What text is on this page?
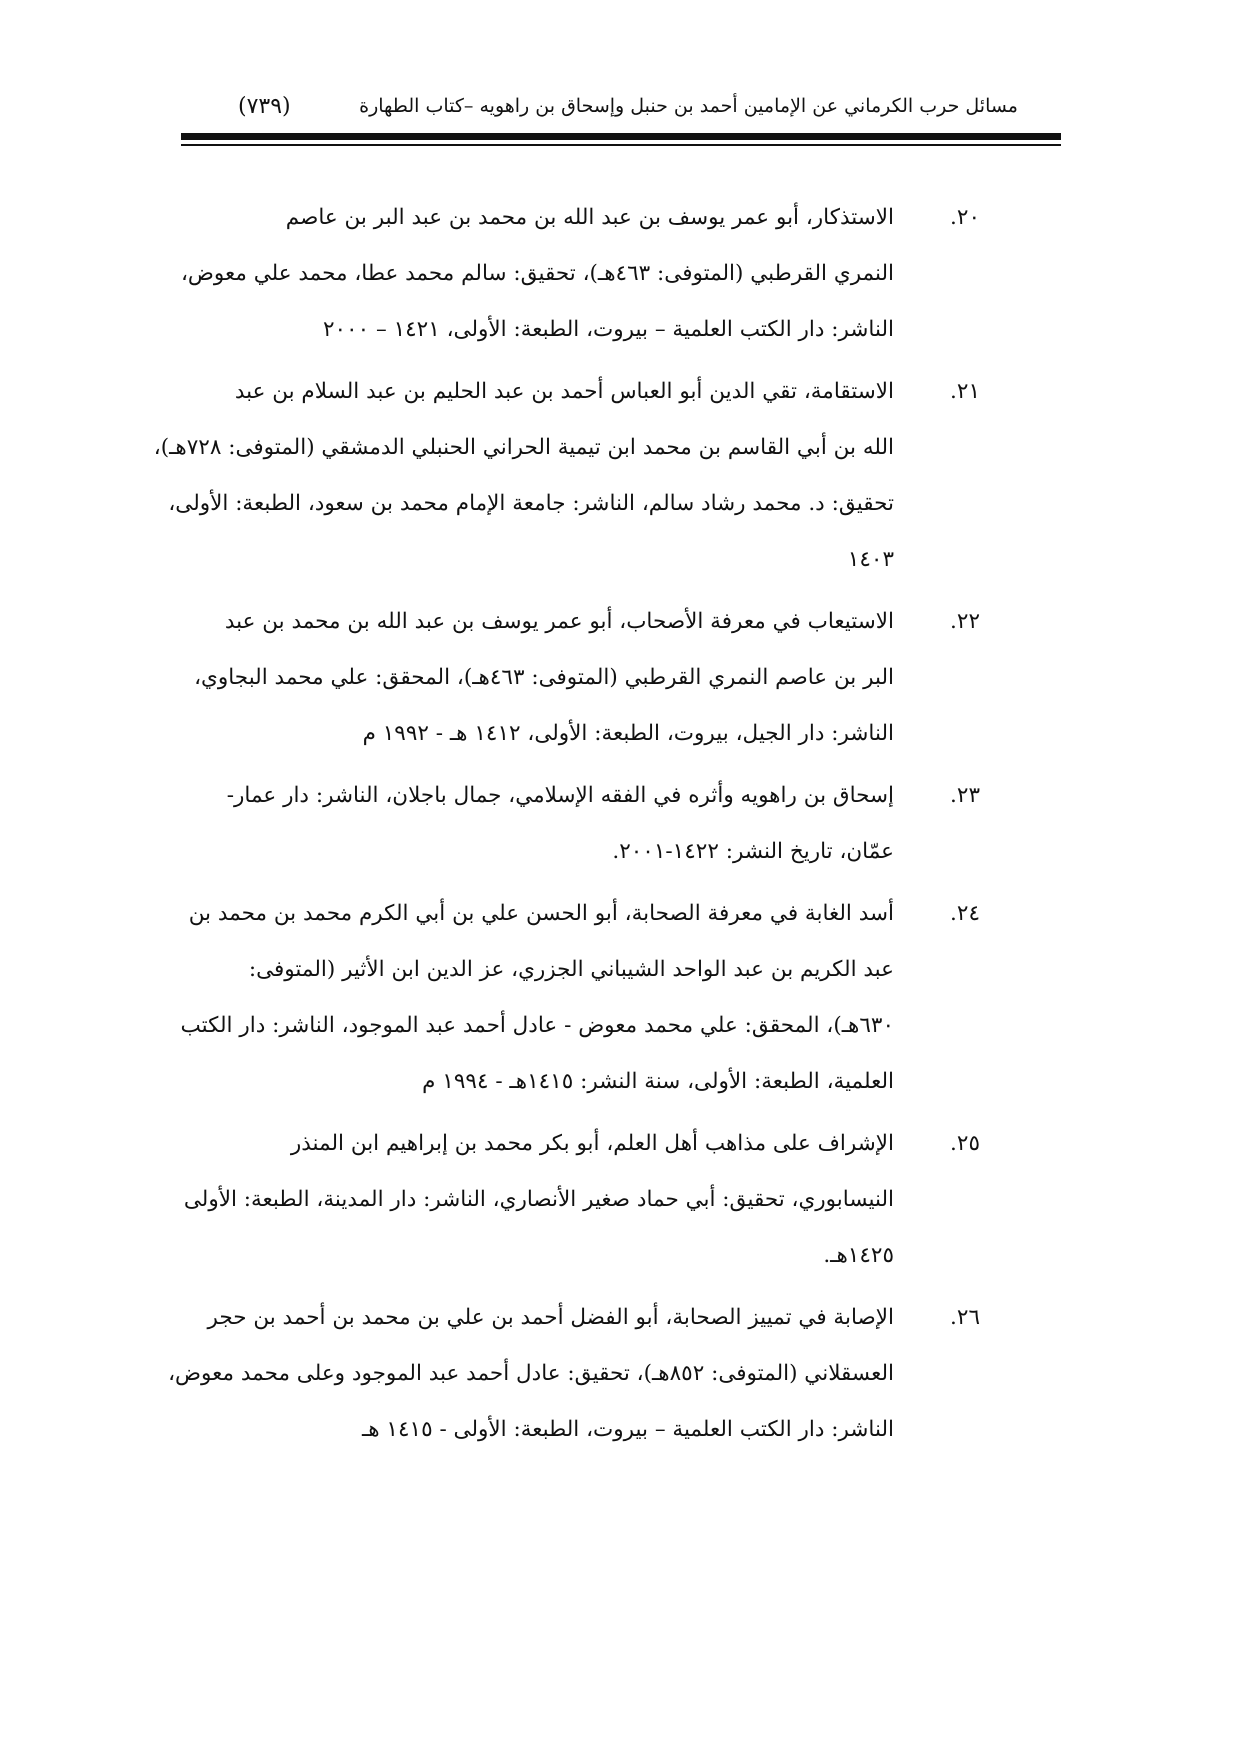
مسائل حرب الكرماني عن الإمامين أحمد بن حنبل وإسحاق بن راهويه –كتاب الطهارة
(٧٣٩)
٢٠.
الاستذكار، أبو عمر يوسف بن عبد الله بن محمد بن عبد البر بن عاصم
النمري القرطبي (المتوفى: ٤٦٣هـ)، تحقيق: سالم محمد عطا، محمد علي معوض،
الناشر: دار الكتب العلمية – بيروت، الطبعة: الأولى، ١٤٢١ – ٢٠٠٠
٢١.
الاستقامة، تقي الدين أبو العباس أحمد بن عبد الحليم بن عبد السلام بن عبد
الله بن أبي القاسم بن محمد ابن تيمية الحراني الحنبلي الدمشقي (المتوفى: ٧٢٨هـ)،
تحقيق: د. محمد رشاد سالم، الناشر: جامعة الإمام محمد بن سعود، الطبعة: الأولى،
١٤٠٣
٢٢.
الاستيعاب في معرفة الأصحاب، أبو عمر يوسف بن عبد الله بن محمد بن عبد
البر بن عاصم النمري القرطبي (المتوفى: ٤٦٣هـ)، المحقق: علي محمد البجاوي،
الناشر: دار الجيل، بيروت، الطبعة: الأولى، ١٤١٢ هـ - ١٩٩٢ م
٢٣.
إسحاق بن راهويه وأثره في الفقه الإسلامي، جمال باجلان، الناشر: دار عمار-
عمّان، تاريخ النشر: ١٤٢٢-٢٠٠١.
٢٤.
أسد الغابة في معرفة الصحابة، أبو الحسن علي بن أبي الكرم محمد بن محمد بن
عبد الكريم بن عبد الواحد الشيباني الجزري، عز الدين ابن الأثير (المتوفى:
٦٣٠هـ)، المحقق: علي محمد معوض - عادل أحمد عبد الموجود، الناشر: دار الكتب
العلمية، الطبعة: الأولى، سنة النشر: ١٤١٥هـ - ١٩٩٤ م
٢٥.
الإشراف على مذاهب أهل العلم، أبو بكر محمد بن إبراهيم ابن المنذر
النيسابوري، تحقيق: أبي حماد صغير الأنصاري، الناشر: دار المدينة، الطبعة: الأولى
١٤٢٥هـ.
٢٦.
الإصابة في تمييز الصحابة، أبو الفضل أحمد بن علي بن محمد بن أحمد بن حجر
العسقلاني (المتوفى: ٨٥٢هـ)، تحقيق: عادل أحمد عبد الموجود وعلى محمد معوض،
الناشر: دار الكتب العلمية – بيروت، الطبعة: الأولى - ١٤١٥ هـ
